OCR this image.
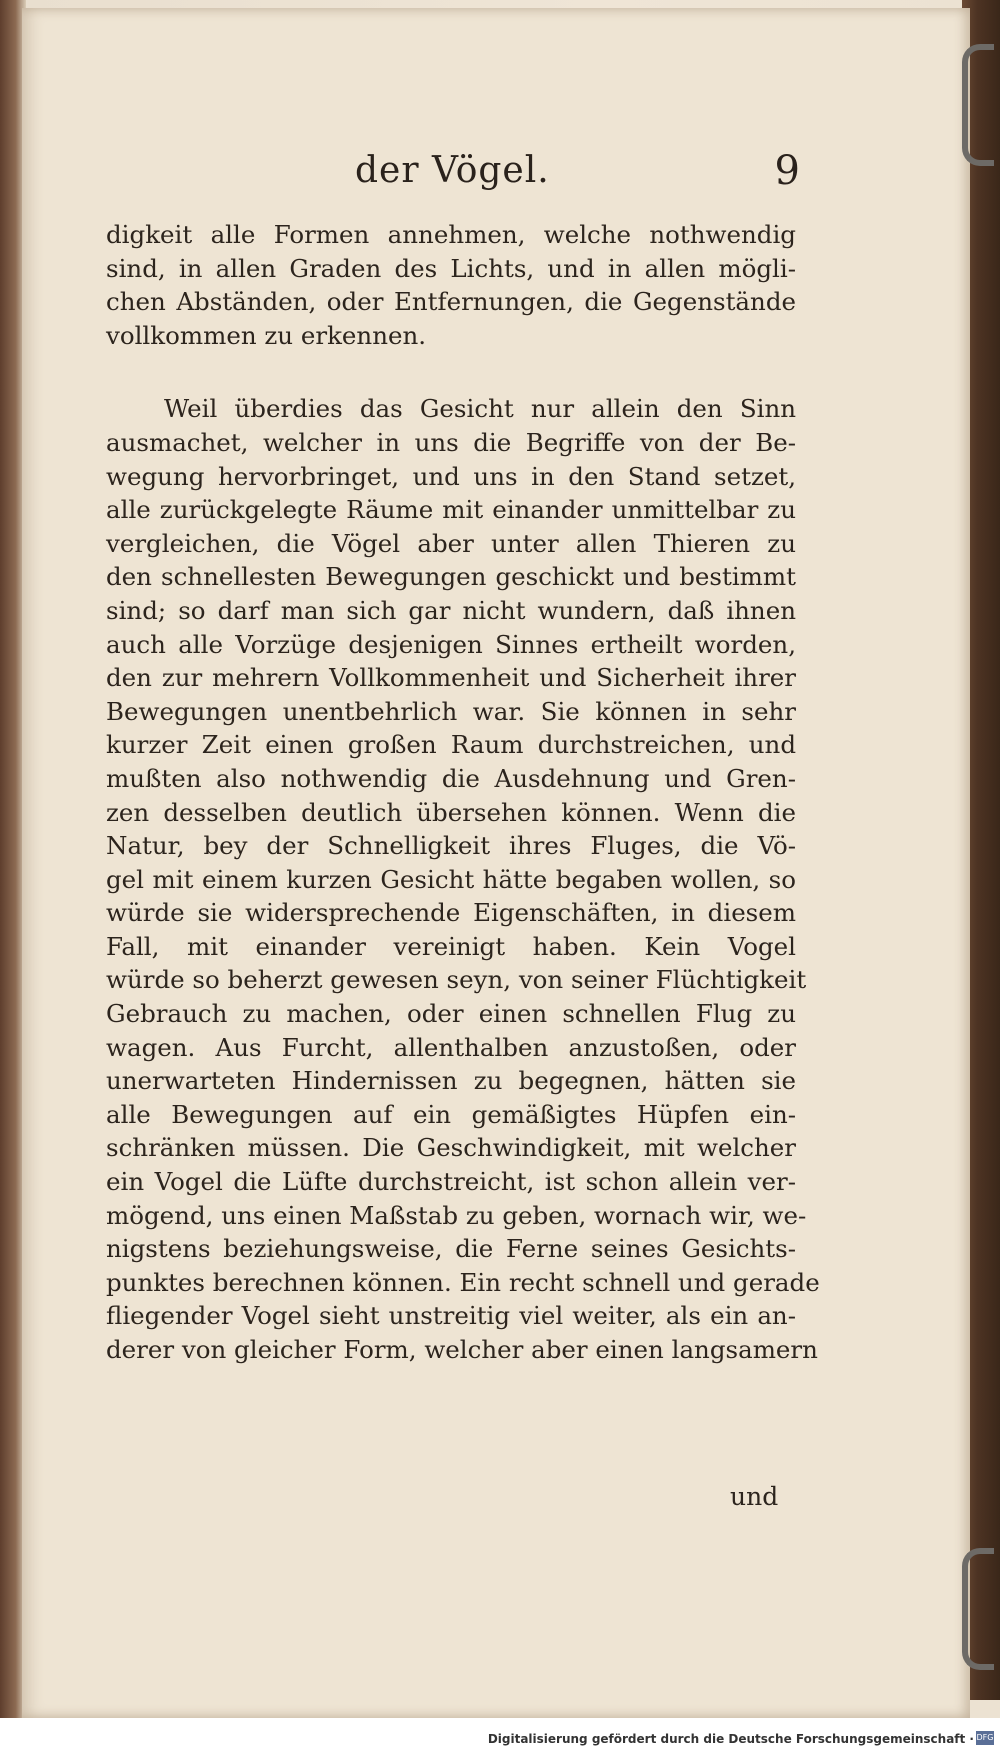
der Vögel.	9
digkeit alle Formen annehmen, welche nothwendig
sind, in allen Graden des Lichts, und in allen mögli-
chen Abständen, oder Entfernungen, die Gegenstände
vollkommen zu erkennen.
Weil überdies das Gesicht nur allein den Sinn
ausmachet, welcher in uns die Begriffe von der Be-
wegung hervorbringet, und uns in den Stand setzet,
alle zurückgelegte Räume mit einander unmittelbar zu
vergleichen, die Vögel aber unter allen Thieren zu
den schnellesten Bewegungen geschickt und bestimmt
sind; so darf man sich gar nicht wundern, daß ihnen
auch alle Vorzüge desjenigen Sinnes ertheilt worden,
den zur mehrern Vollkommenheit und Sicherheit ihrer
Bewegungen unentbehrlich war. Sie können in sehr
kurzer Zeit einen großen Raum durchstreichen, und
mußten also nothwendig die Ausdehnung und Gren-
zen desselben deutlich übersehen können. Wenn die
Natur, bey der Schnelligkeit ihres Fluges, die Vö-
gel mit einem kurzen Gesicht hätte begaben wollen, so
würde sie widersprechende Eigenschäften, in diesem
Fall, mit einander vereinigt haben. Kein Vogel
würde so beherzt gewesen seyn, von seiner Flüchtigkeit
Gebrauch zu machen, oder einen schnellen Flug zu
wagen. Aus Furcht, allenthalben anzustoßen, oder
unerwarteten Hindernissen zu begegnen, hätten sie
alle Bewegungen auf ein gemäßigtes Hüpfen ein-
schränken müssen. Die Geschwindigkeit, mit welcher
ein Vogel die Lüfte durchstreicht, ist schon allein ver-
mögend, uns einen Maßstab zu geben, wornach wir, we-
nigstens beziehungsweise, die Ferne seines Gesichts-
punktes berechnen können. Ein recht schnell und gerade
fliegender Vogel sieht unstreitig viel weiter, als ein an-
derer von gleicher Form, welcher aber einen langsamern
und
Digitalisierung gefördert durch die Deutsche Forschungsgemeinschaft · DFG
